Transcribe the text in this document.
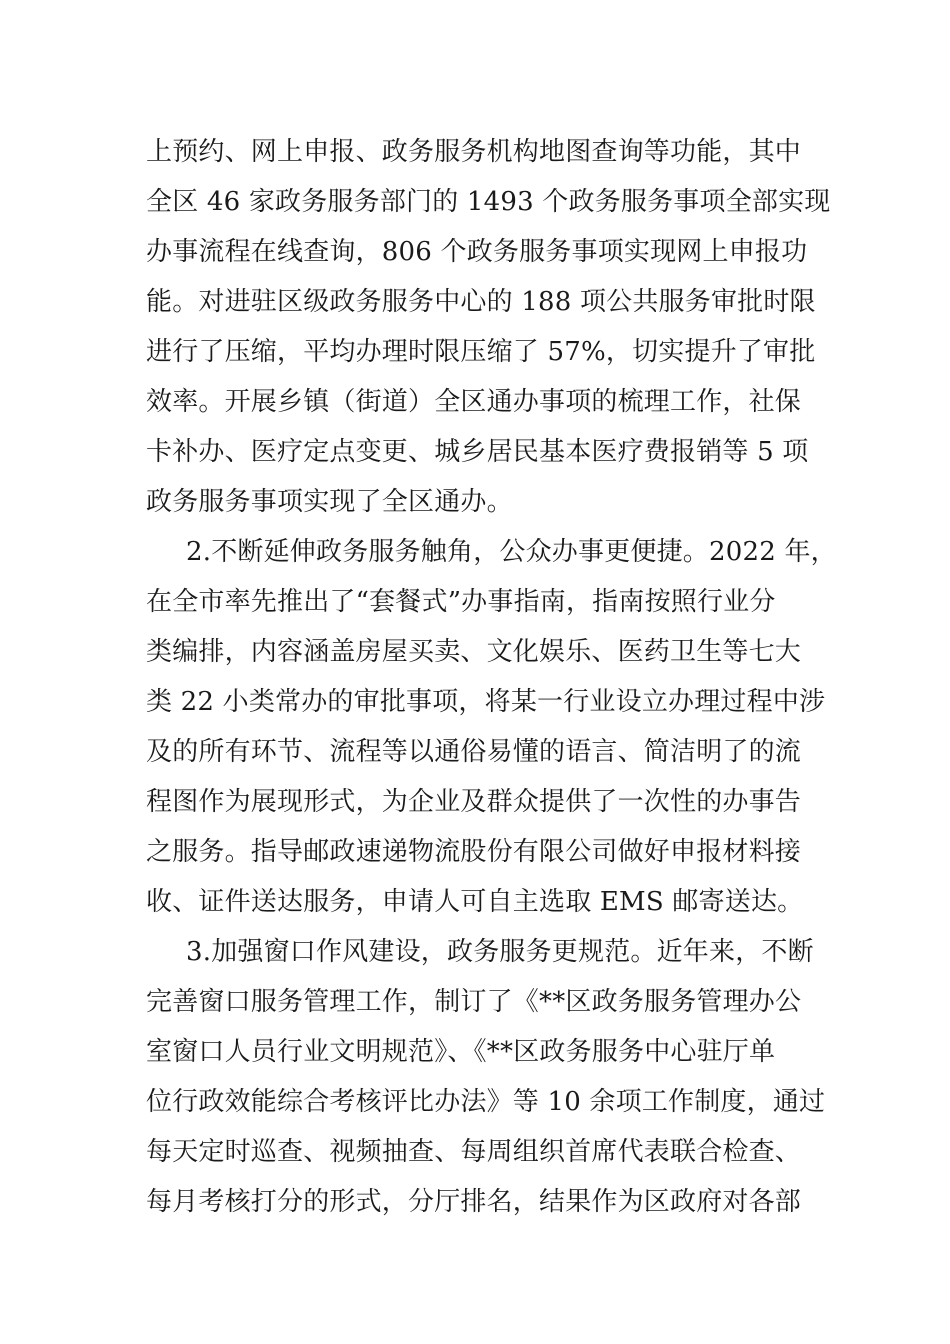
上预约、网上申报、政务服务机构地图查询等功能，其中
全区 46 家政务服务部门的 1493 个政务服务事项全部实现
办事流程在线查询，806 个政务服务事项实现网上申报功
能。对进驻区级政务服务中心的 188 项公共服务审批时限
进行了压缩，平均办理时限压缩了 57%，切实提升了审批
效率。开展乡镇（街道）全区通办事项的梳理工作，社保
卡补办、医疗定点变更、城乡居民基本医疗费报销等 5 项
政务服务事项实现了全区通办。
2.不断延伸政务服务触角，公众办事更便捷。2022 年，
在全市率先推出了“套餐式”办事指南，指南按照行业分
类编排，内容涵盖房屋买卖、文化娱乐、医药卫生等七大
类 22 小类常办的审批事项，将某一行业设立办理过程中涉
及的所有环节、流程等以通俗易懂的语言、简洁明了的流
程图作为展现形式，为企业及群众提供了一次性的办事告
之服务。指导邮政速递物流股份有限公司做好申报材料接
收、证件送达服务，申请人可自主选取 EMS 邮寄送达。
3.加强窗口作风建设，政务服务更规范。近年来，不断
完善窗口服务管理工作，制订了《**区政务服务管理办公
室窗口人员行业文明规范》、《**区政务服务中心驻厅单
位行政效能综合考核评比办法》等 10 余项工作制度，通过
每天定时巡查、视频抽查、每周组织首席代表联合检查、
每月考核打分的形式，分厅排名，结果作为区政府对各部
